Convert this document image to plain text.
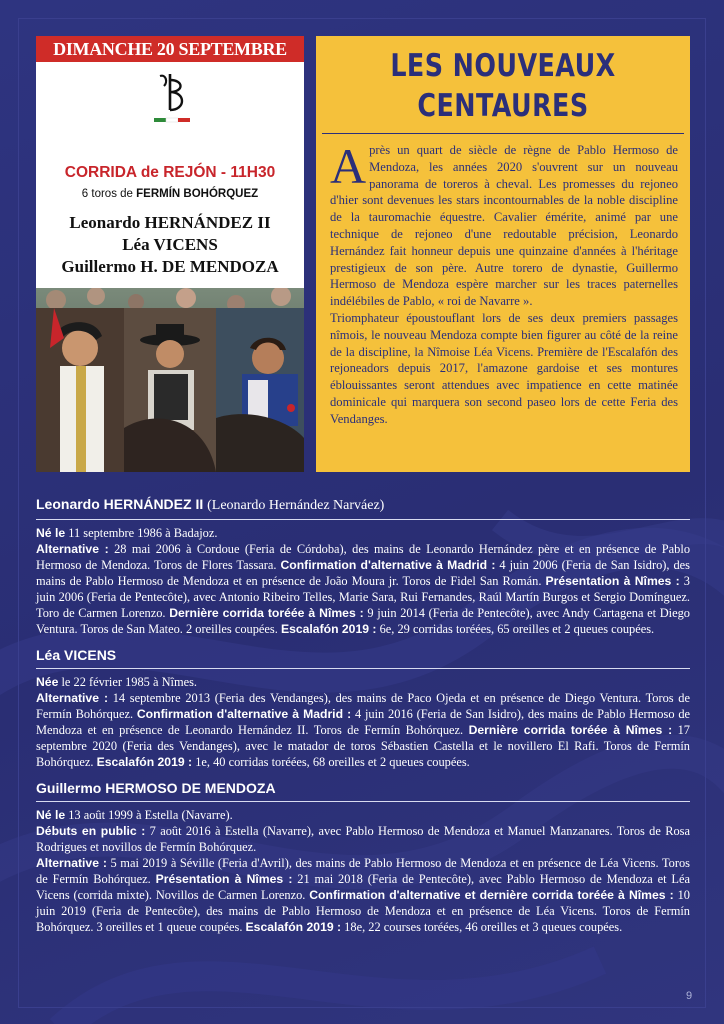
DIMANCHE 20 SEPTEMBRE
CORRIDA de REJÓN - 11H30
6 toros de FERMÍN BOHÓRQUEZ
Leonardo HERNÁNDEZ II
Léa VICENS
Guillermo H. DE MENDOZA
LES NOUVEAUX
CENTAURES
A près un quart de siècle de règne de Pablo Hermoso de Mendoza, les années 2020 s'ouvrent sur un nouveau panorama de toreros à cheval. Les promesses du rejoneo d'hier sont devenues les stars incontournables de la noble discipline de la tauromachie équestre. Cavalier émérite, animé par une technique de rejoneo d'une redoutable précision, Leonardo Hernández fait honneur depuis une quinzaine d'années à l'héritage prestigieux de son père. Autre torero de dynastie, Guillermo Hermoso de Mendoza espère marcher sur les traces paternelles indélébiles de Pablo, « roi de Navarre ».

Triomphateur époustouflant lors de ses deux premiers passages nîmois, le nouveau Mendoza compte bien figurer au côté de la reine de la discipline, la Nîmoise Léa Vicens. Première de l'Escalafón des rejoneadors depuis 2017, l'amazone gardoise et ses montures éblouissantes seront attendues avec impatience en cette matinée dominicale qui marquera son second paseo lors de cette Feria des Vendanges.

Leonardo HERNÁNDEZ II (Leonardo Hernández Narváez)

Né le 11 septembre 1986 à Badajoz.

Alternative : 28 mai 2006 à Cordoue (Feria de Córdoba), des mains de Leonardo Hernández père et en présence de Pablo Hermoso de Mendoza. Toros de Flores Tassara. Confirmation d'alternative à Madrid : 4 juin 2006 (Feria de San Isidro), des mains de Pablo Hermoso de Mendoza et en présence de João Moura jr. Toros de Fidel San Román. Présentation à Nîmes : 3 juin 2006 (Feria de Pentecôte), avec Antonio Ribeiro Telles, Marie Sara, Rui Fernandes, Raúl Martín Burgos et Sergio Domínguez. Toro de Carmen Lorenzo. Dernière corrida toréée à Nîmes : 9 juin 2014 (Feria de Pentecôte), avec Andy Cartagena et Diego Ventura. Toros de San Mateo. 2 oreilles coupées. Escalafón 2019 : 6e, 29 corridas toréées, 65 oreilles et 2 queues coupées.

Léa VICENS

Née le 22 février 1985 à Nîmes.

Alternative : 14 septembre 2013 (Feria des Vendanges), des mains de Paco Ojeda et en présence de Diego Ventura. Toros de Fermín Bohórquez. Confirmation d'alternative à Madrid : 4 juin 2016 (Feria de San Isidro), des mains de Pablo Hermoso de Mendoza et en présence de Leonardo Hernández II. Toros de Fermín Bohórquez. Dernière corrida toréée à Nîmes : 17 septembre 2020 (Feria des Vendanges), avec le matador de toros Sébastien Castella et le novillero El Rafi. Toros de Fermín Bohórquez. Escalafón 2019 : 1e, 40 corridas toréées, 68 oreilles et 2 queues coupées.

Guillermo HERMOSO DE MENDOZA

Né le 13 août 1999 à Estella (Navarre).

Débuts en public : 7 août 2016 à Estella (Navarre), avec Pablo Hermoso de Mendoza et Manuel Manzanares. Toros de Rosa Rodrigues et novillos de Fermín Bohórquez.

Alternative : 5 mai 2019 à Séville (Feria d'Avril), des mains de Pablo Hermoso de Mendoza et en présence de Léa Vicens. Toros de Fermín Bohórquez. Présentation à Nîmes : 21 mai 2018 (Feria de Pentecôte), avec Pablo Hermoso de Mendoza et Léa Vicens (corrida mixte). Novillos de Carmen Lorenzo. Confirmation d'alternative et dernière corrida toréée à Nîmes : 10 juin 2019 (Feria de Pentecôte), des mains de Pablo Hermoso de Mendoza et en présence de Léa Vicens. Toros de Fermín Bohórquez. 3 oreilles et 1 queue coupées. Escalafón 2019 : 18e, 22 courses toréées, 46 oreilles et 3 queues coupées.

9
